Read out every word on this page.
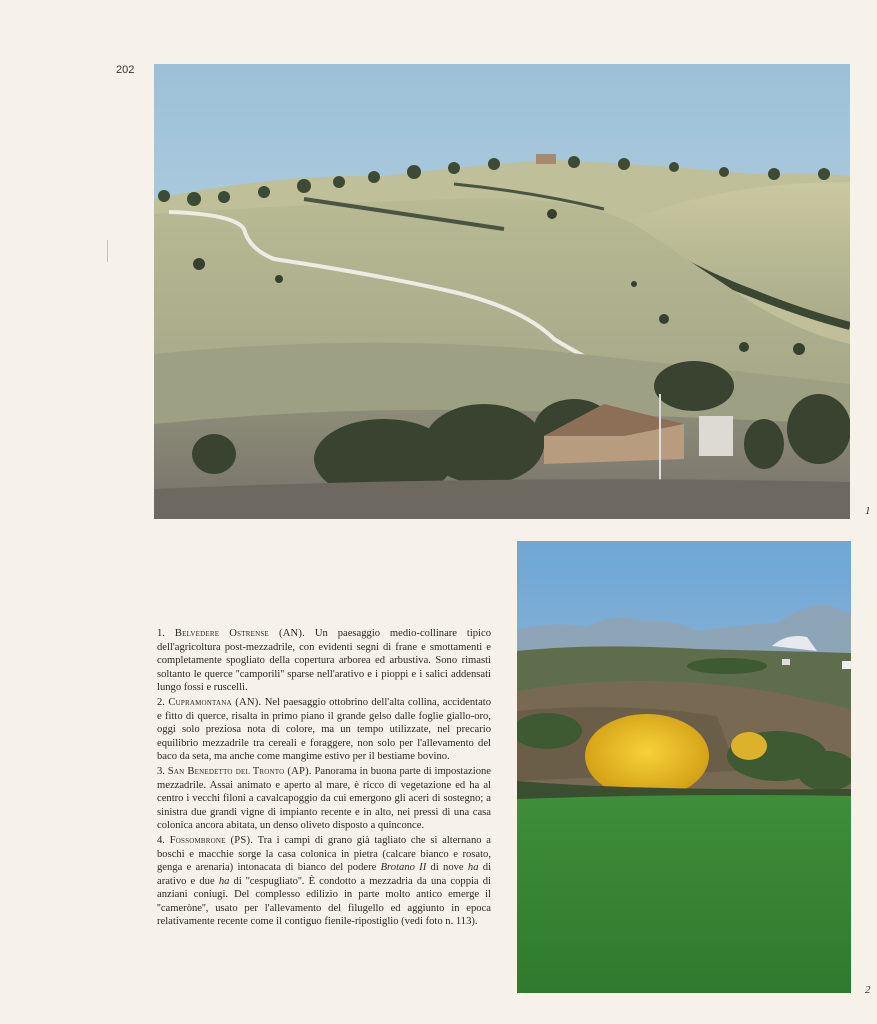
202
1
2

1. Belvedere Ostrense (AN). Un paesaggio medio-collinare tipico dell'agricoltura post-mezzadrile, con evidenti segni di frane e smottamenti e completamente spogliato della copertura arborea ed arbustiva. Sono rimasti soltanto le querce ''camporili'' sparse nell'arativo e i pioppi e i salici addensati lungo fossi e ruscelli.

2. Cupramontana (AN). Nel paesaggio ottobrino dell'alta collina, accidentato e fitto di querce, risalta in primo piano il grande gelso dalle foglie giallo-oro, oggi solo preziosa nota di colore, ma un tempo utilizzate, nel precario equilibrio mezzadrile tra cereali e foraggere, non solo per l'allevamento del baco da seta, ma anche come mangime estivo per il bestiame bovino.

3. San Benedetto del Tronto (AP). Panorama in buona parte di impostazione mezzadrile. Assai animato e aperto al mare, è ricco di vegetazione ed ha al centro i vecchi filoni a cavalcapoggio da cui emergono gli aceri di sostegno; a sinistra due grandi vigne di impianto recente e in alto, nei pressi di una casa colonica ancora abitata, un denso oliveto disposto a quinconce.

4. Fossombrone (PS). Tra i campi di grano già tagliato che si alternano a boschi e macchie sorge la casa colonica in pietra (calcare bianco e rosato, genga e arenaria) intonacata di bianco del podere Brotano II di nove ha di arativo e due ha di ''cespugliato''. È condotto a mezzadria da una coppia di anziani coniugi. Del complesso edilizio in parte molto antico emerge il ''cameròne'', usato per l'allevamento del filugello ed aggiunto in epoca relativamente recente come il contiguo fienile-ripostiglio (vedi foto n. 113).
